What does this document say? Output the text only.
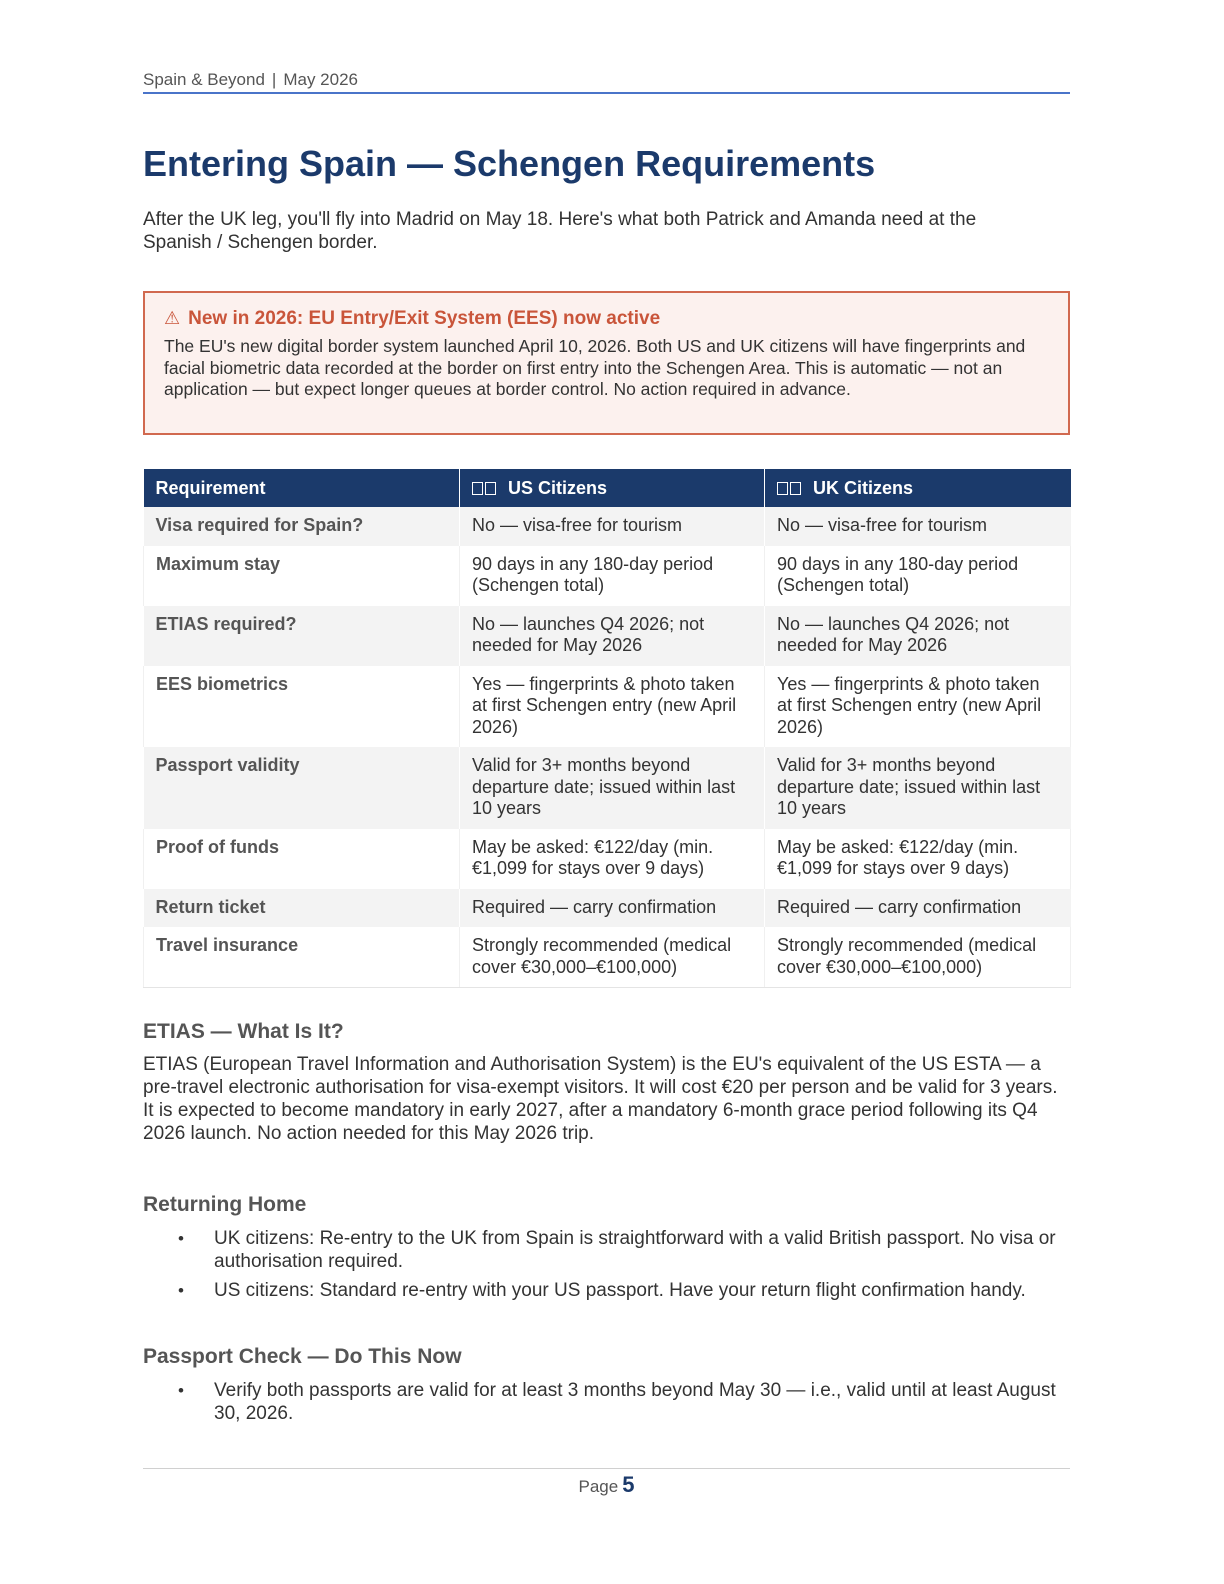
Spain & Beyond | May 2026
Entering Spain — Schengen Requirements

After the UK leg, you'll fly into Madrid on May 18. Here's what both Patrick and Amanda need at the Spanish / Schengen border.

⚠ New in 2026: EU Entry/Exit System (EES) now active
The EU's new digital border system launched April 10, 2026. Both US and UK citizens will have fingerprints and facial biometric data recorded at the border on first entry into the Schengen Area. This is automatic — not an application — but expect longer queues at border control. No action required in advance.
Requirement	US Citizens	UK Citizens
Visa required for Spain?	No — visa-free for tourism	No — visa-free for tourism
Maximum stay	90 days in any 180-day period (Schengen total)	90 days in any 180-day period (Schengen total)
ETIAS required?	No — launches Q4 2026; not needed for May 2026	No — launches Q4 2026; not needed for May 2026
EES biometrics	Yes — fingerprints & photo taken at first Schengen entry (new April 2026)	Yes — fingerprints & photo taken at first Schengen entry (new April 2026)
Passport validity	Valid for 3+ months beyond departure date; issued within last 10 years	Valid for 3+ months beyond departure date; issued within last 10 years
Proof of funds	May be asked: €122/day (min. €1,099 for stays over 9 days)	May be asked: €122/day (min. €1,099 for stays over 9 days)
Return ticket	Required — carry confirmation	Required — carry confirmation
Travel insurance	Strongly recommended (medical cover €30,000–€100,000)	Strongly recommended (medical cover €30,000–€100,000)
ETIAS — What Is It?

ETIAS (European Travel Information and Authorisation System) is the EU's equivalent of the US ESTA — a pre-travel electronic authorisation for visa-exempt visitors. It will cost €20 per person and be valid for 3 years. It is expected to become mandatory in early 2027, after a mandatory 6-month grace period following its Q4 2026 launch. No action needed for this May 2026 trip.

Returning Home
• UK citizens: Re-entry to the UK from Spain is straightforward with a valid British passport. No visa or authorisation required.
• US citizens: Standard re-entry with your US passport. Have your return flight confirmation handy.
Passport Check — Do This Now
• Verify both passports are valid for at least 3 months beyond May 30 — i.e., valid until at least August 30, 2026.
Page 5
